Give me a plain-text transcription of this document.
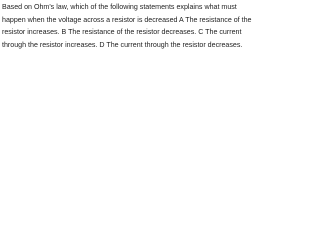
Based on Ohm's law, which of the following statements explains what must happen when the voltage across a resistor is decreased A The resistance of the resistor increases. B The resistance of the resistor decreases. C The current through the resistor increases. D The current through the resistor decreases.
